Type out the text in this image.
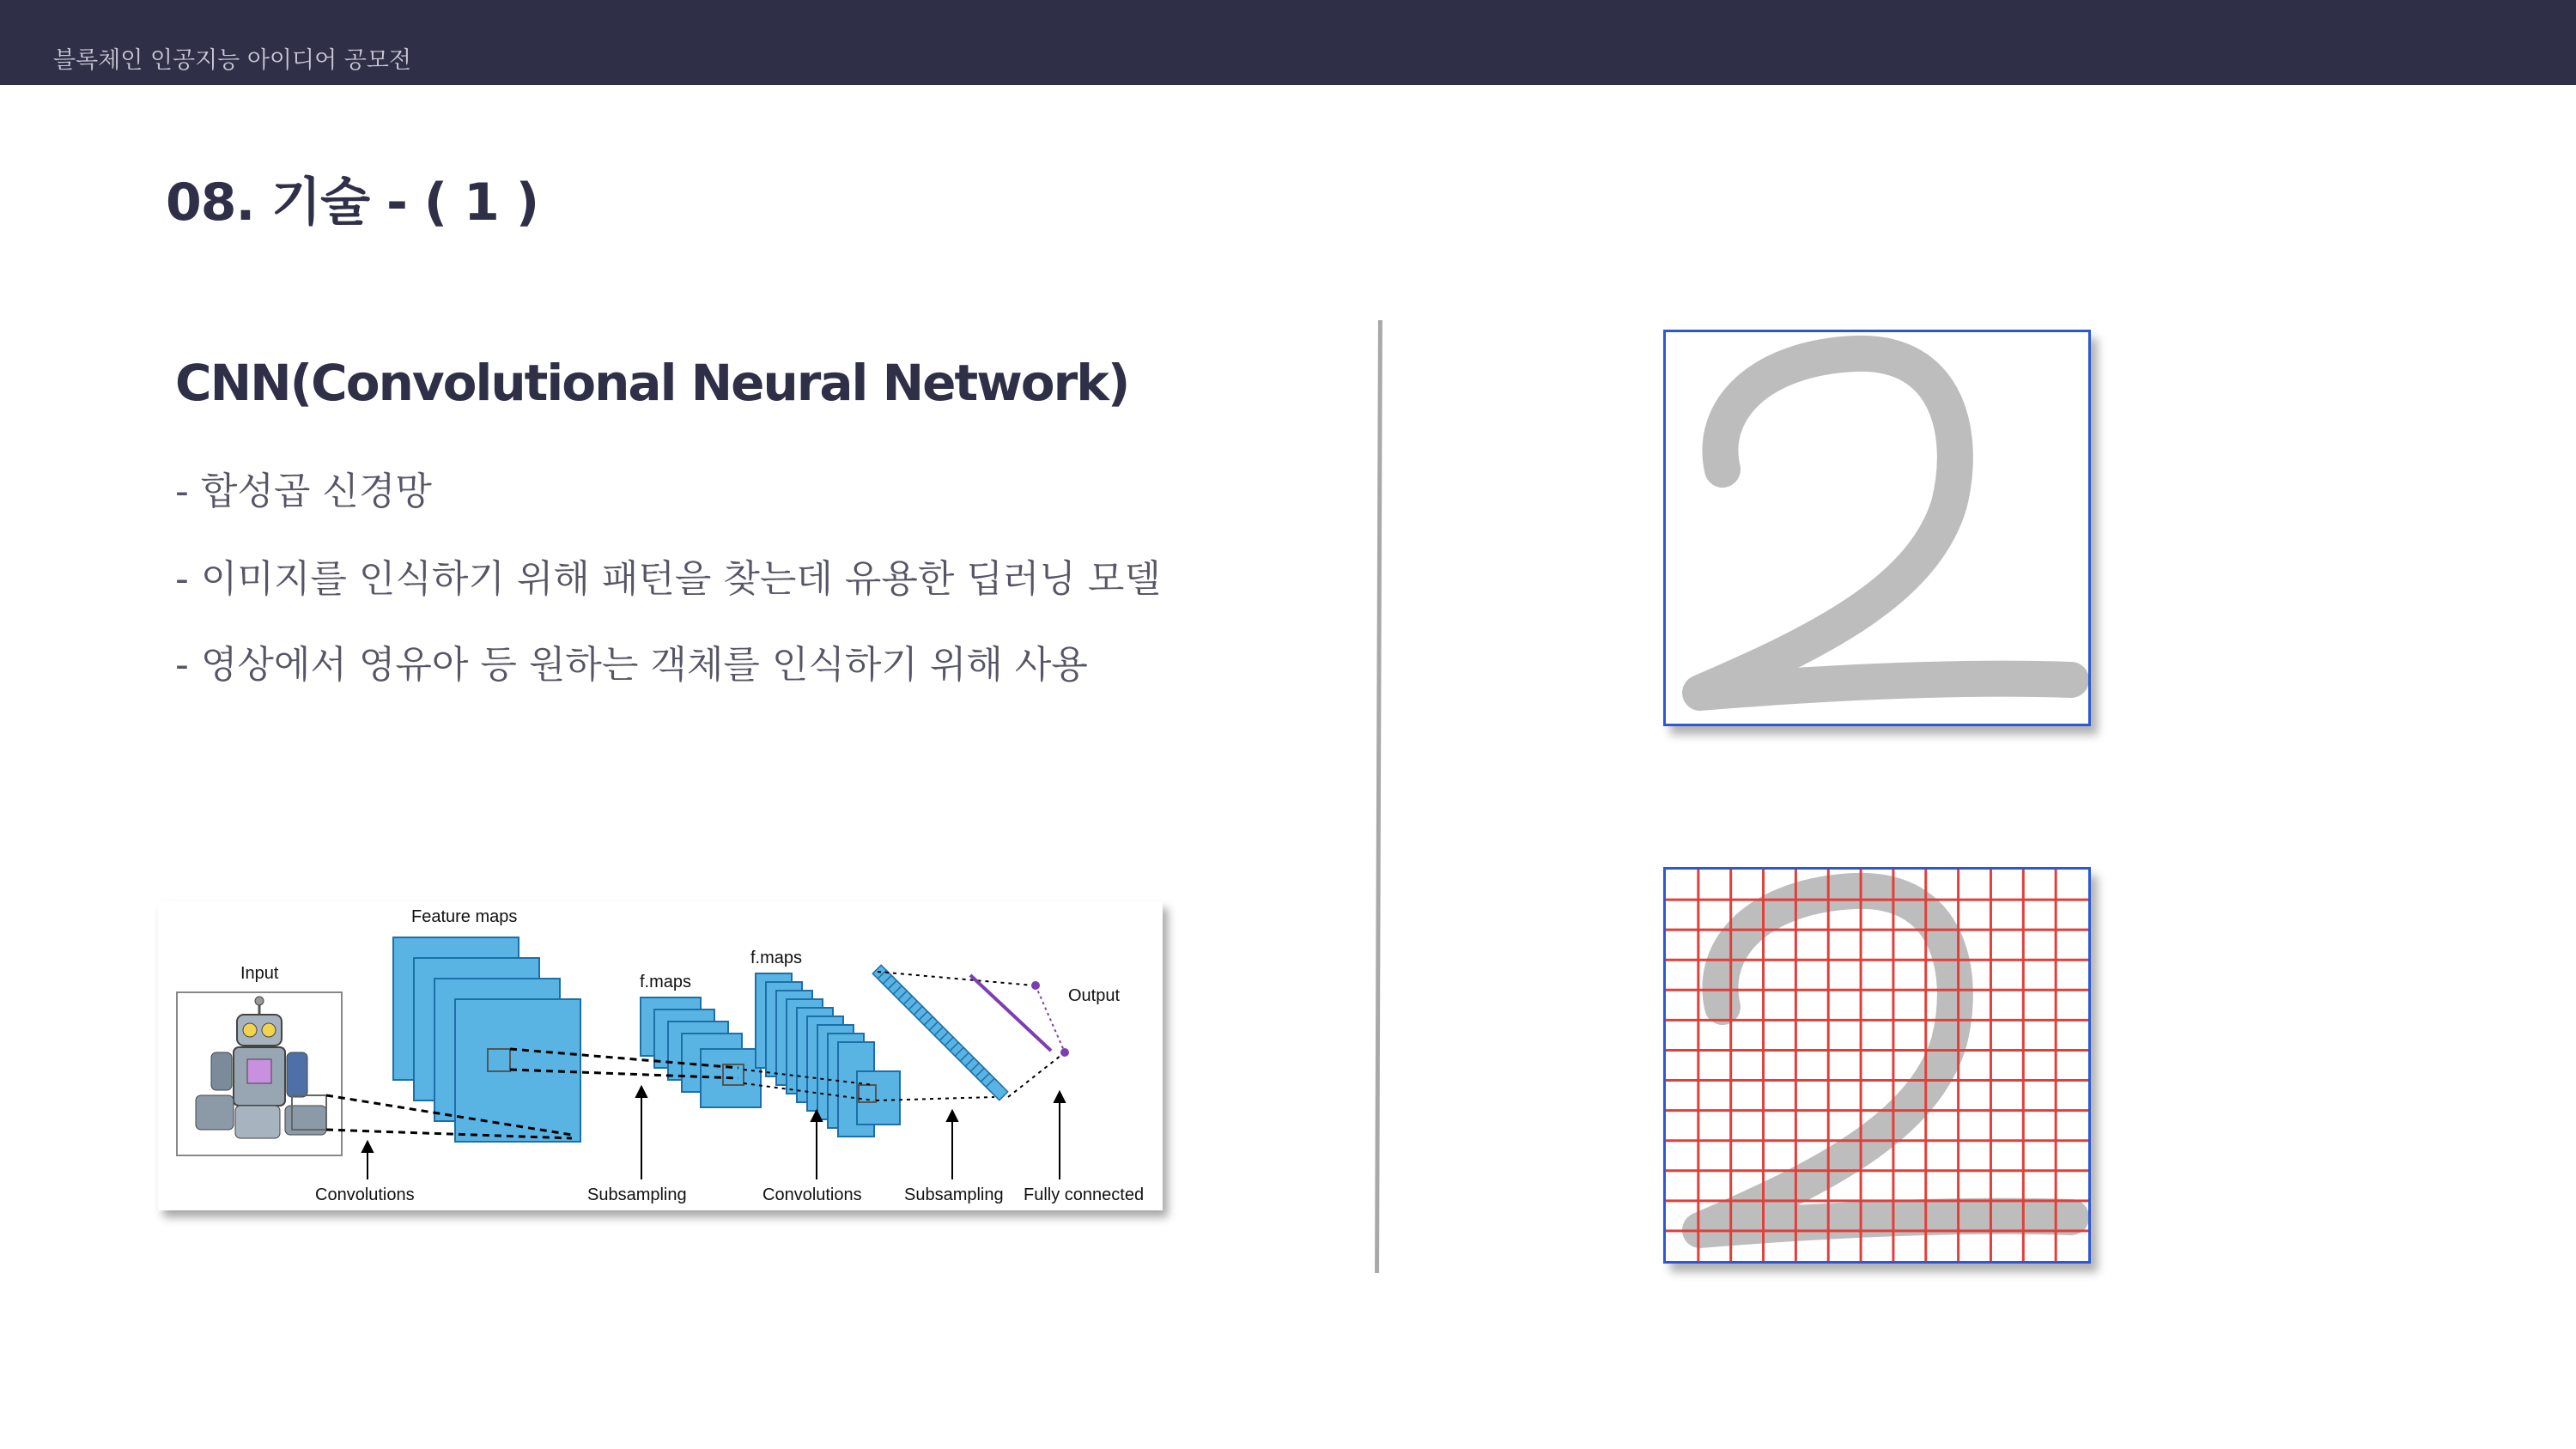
블록체인 인공지능 아이디어 공모전
08. 기술 - ( 1 )
CNN(Convolutional Neural Network)
- 합성곱 신경망
- 이미지를 인식하기 위해 패턴을 찾는데 유용한 딥러닝 모델
- 영상에서 영유아 등 원하는 객체를 인식하기 위해 사용
Feature maps
Input	f.maps
f.maps
Output
Convolutions	Subsampling	Convolutions Subsampling Fully connected
